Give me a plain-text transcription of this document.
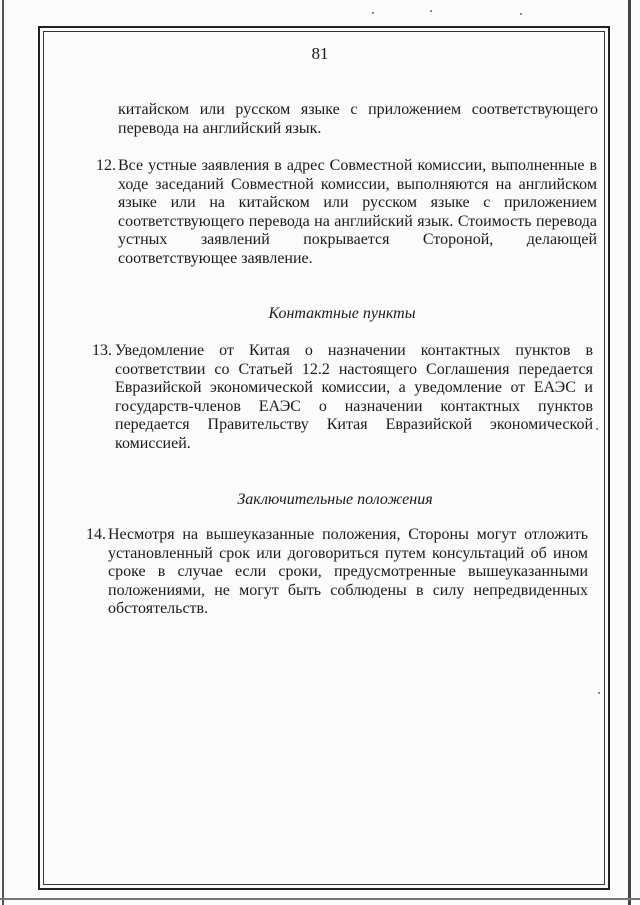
81
китайском или русском языке с приложением соответствующего перевода на английский язык.
12. Все устные заявления в адрес Совместной комиссии, выполненные в ходе заседаний Совместной комиссии, выполняются на английском языке или на китайском или русском языке с приложением соответствующего перевода на английский язык. Стоимость перевода устных заявлений покрывается Стороной, делающей соответствующее заявление.
Контактные пункты
13. Уведомление от Китая о назначении контактных пунктов в соответствии со Статьей 12.2 настоящего Соглашения передается Евразийской экономической комиссии, а уведомление от ЕАЭС и государств-членов ЕАЭС о назначении контактных пунктов передается Правительству Китая Евразийской экономической комиссией.
Заключительные положения
14. Несмотря на вышеуказанные положения, Стороны могут отложить установленный срок или договориться путем консультаций об ином сроке в случае если сроки, предусмотренные вышеуказанными положениями, не могут быть соблюдены в силу непредвиденных обстоятельств.
